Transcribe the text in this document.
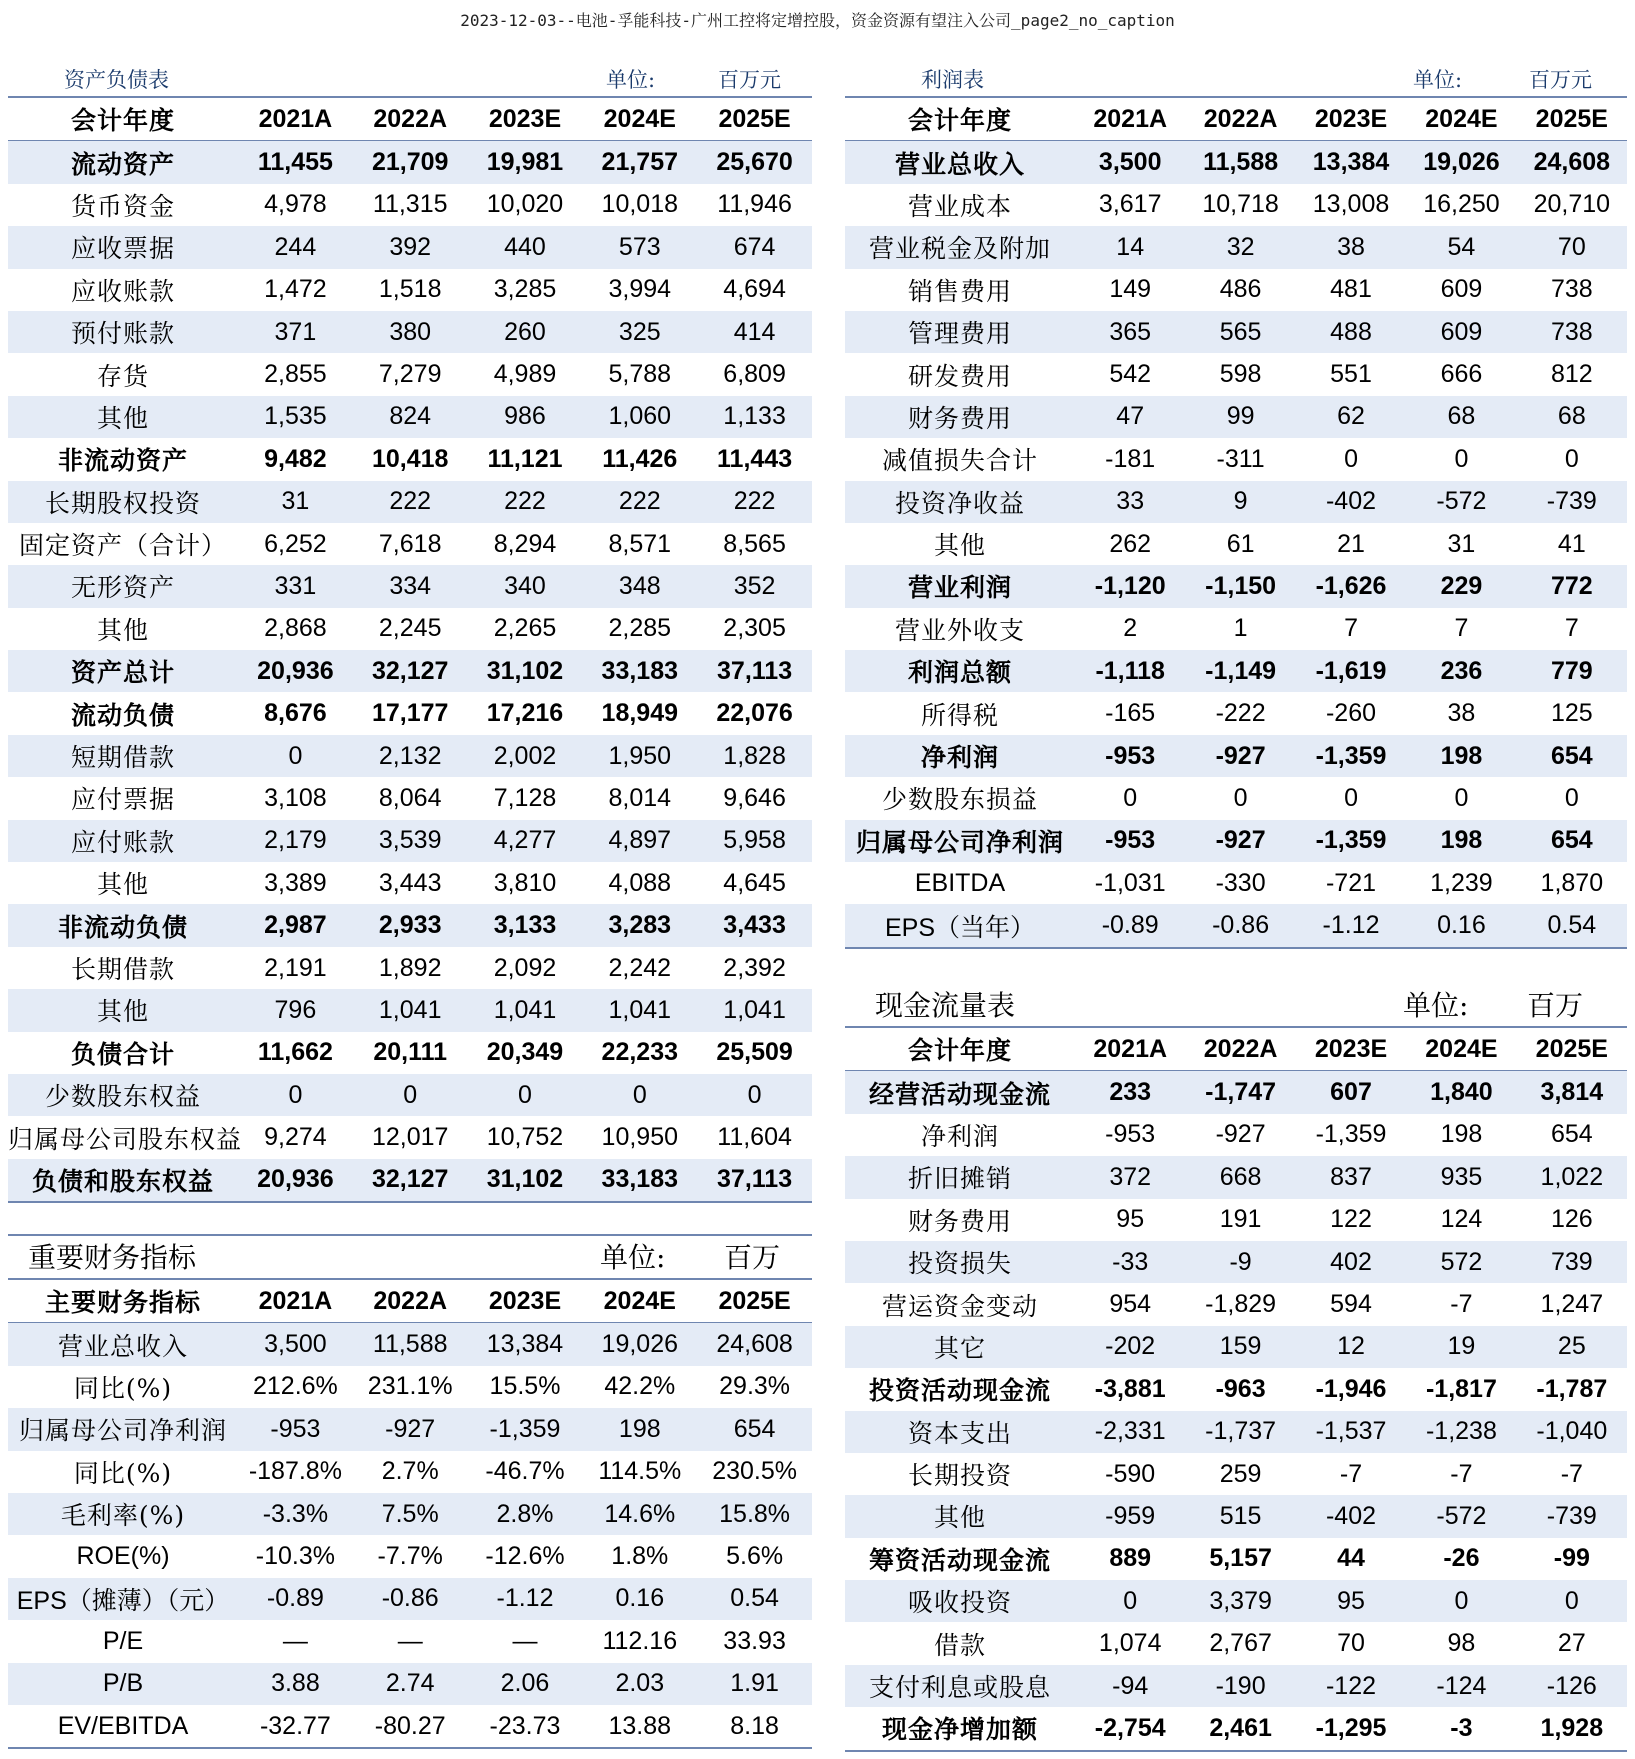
2023-12-03--电池-孚能科技-广州工控将定增控股，资金资源有望注入公司_page2_no_caption
资产负债表	单位:	百万元
会计年度	2021A	2022A	2023E	2024E	2025E
流动资产	11,455	21,709	19,981	21,757	25,670
货币资金	4,978	11,315	10,020	10,018	11,946
应收票据	244	392	440	573	674
应收账款	1,472	1,518	3,285	3,994	4,694
预付账款	371	380	260	325	414
存货	2,855	7,279	4,989	5,788	6,809
其他	1,535	824	986	1,060	1,133
非流动资产	9,482	10,418	11,121	11,426	11,443
长期股权投资	31	222	222	222	222
固定资产（合计）	6,252	7,618	8,294	8,571	8,565
无形资产	331	334	340	348	352
其他	2,868	2,245	2,265	2,285	2,305
资产总计	20,936	32,127	31,102	33,183	37,113
流动负债	8,676	17,177	17,216	18,949	22,076
短期借款	0	2,132	2,002	1,950	1,828
应付票据	3,108	8,064	7,128	8,014	9,646
应付账款	2,179	3,539	4,277	4,897	5,958
其他	3,389	3,443	3,810	4,088	4,645
非流动负债	2,987	2,933	3,133	3,283	3,433
长期借款	2,191	1,892	2,092	2,242	2,392
其他	796	1,041	1,041	1,041	1,041
负债合计	11,662	20,111	20,349	22,233	25,509
少数股东权益	0	0	0	0	0
归属母公司股东权益 9,274	12,017	10,752	10,950	11,604
负债和股东权益	20,936	32,127	31,102	33,183	37,113
重要财务指标	单位: 百万
主要财务指标	2021A	2022A	2023E	2024E	2025E
营业总收入	3,500	11,588	13,384	19,026	24,608
同比(%)	212.6%	231.1%	15.5%	42.2%	29.3%
归属母公司净利润	-953	-927	-1,359	198	654
同比(%)	-187.8%	2.7%	-46.7%	114.5%	230.5%
毛利率(%)	-3.3%	7.5%	2.8%	14.6%	15.8%
ROE(%)	-10.3%	-7.7%	-12.6%	1.8%	5.6%
EPS（摊薄）（元）	-0.89	-0.86	-1.12	0.16	0.54
P/E	—	—	—	112.16	33.93
P/B	3.88	2.74	2.06	2.03	1.91
EV/EBITDA	-32.77	-80.27	-23.73	13.88	8.18
利润表	单位:	百万元
会计年度	2021A	2022A	2023E	2024E	2025E
营业总收入	3,500	11,588	13,384	19,026	24,608
营业成本	3,617	10,718	13,008	16,250	20,710
营业税金及附加	14	32	38	54	70
销售费用	149	486	481	609	738
管理费用	365	565	488	609	738
研发费用	542	598	551	666	812
财务费用	47	99	62	68	68
减值损失合计	-181	-311	0	0	0
投资净收益	33	9	-402	-572	-739
其他	262	61	21	31	41
营业利润	-1,120	-1,150	-1,626	229	772
营业外收支	2	1	7	7	7
利润总额	-1,118	-1,149	-1,619	236	779
所得税	-165	-222	-260	38	125
净利润	-953	-927	-1,359	198	654
少数股东损益	0	0	0	0	0
归属母公司净利润	-953	-927	-1,359	198	654
EBITDA	-1,031	-330	-721	1,239	1,870
EPS（当年）	-0.89	-0.86	-1.12	0.16	0.54
现金流量表	单位: 百万
会计年度	2021A	2022A	2023E	2024E	2025E
经营活动现金流	233	-1,747	607	1,840	3,814
净利润	-953	-927	-1,359	198	654
折旧摊销	372	668	837	935	1,022
财务费用	95	191	122	124	126
投资损失	-33	-9	402	572	739
营运资金变动	954	-1,829	594	-7	1,247
其它	-202	159	12	19	25
投资活动现金流	-3,881	-963	-1,946	-1,817	-1,787
资本支出	-2,331	-1,737	-1,537	-1,238	-1,040
长期投资	-590	259	-7	-7	-7
其他	-959	515	-402	-572	-739
筹资活动现金流	889	5,157	44	-26	-99
吸收投资	0	3,379	95	0	0
借款	1,074	2,767	70	98	27
支付利息或股息	-94	-190	-122	-124	-126
现金净增加额	-2,754	2,461	-1,295	-3	1,928
